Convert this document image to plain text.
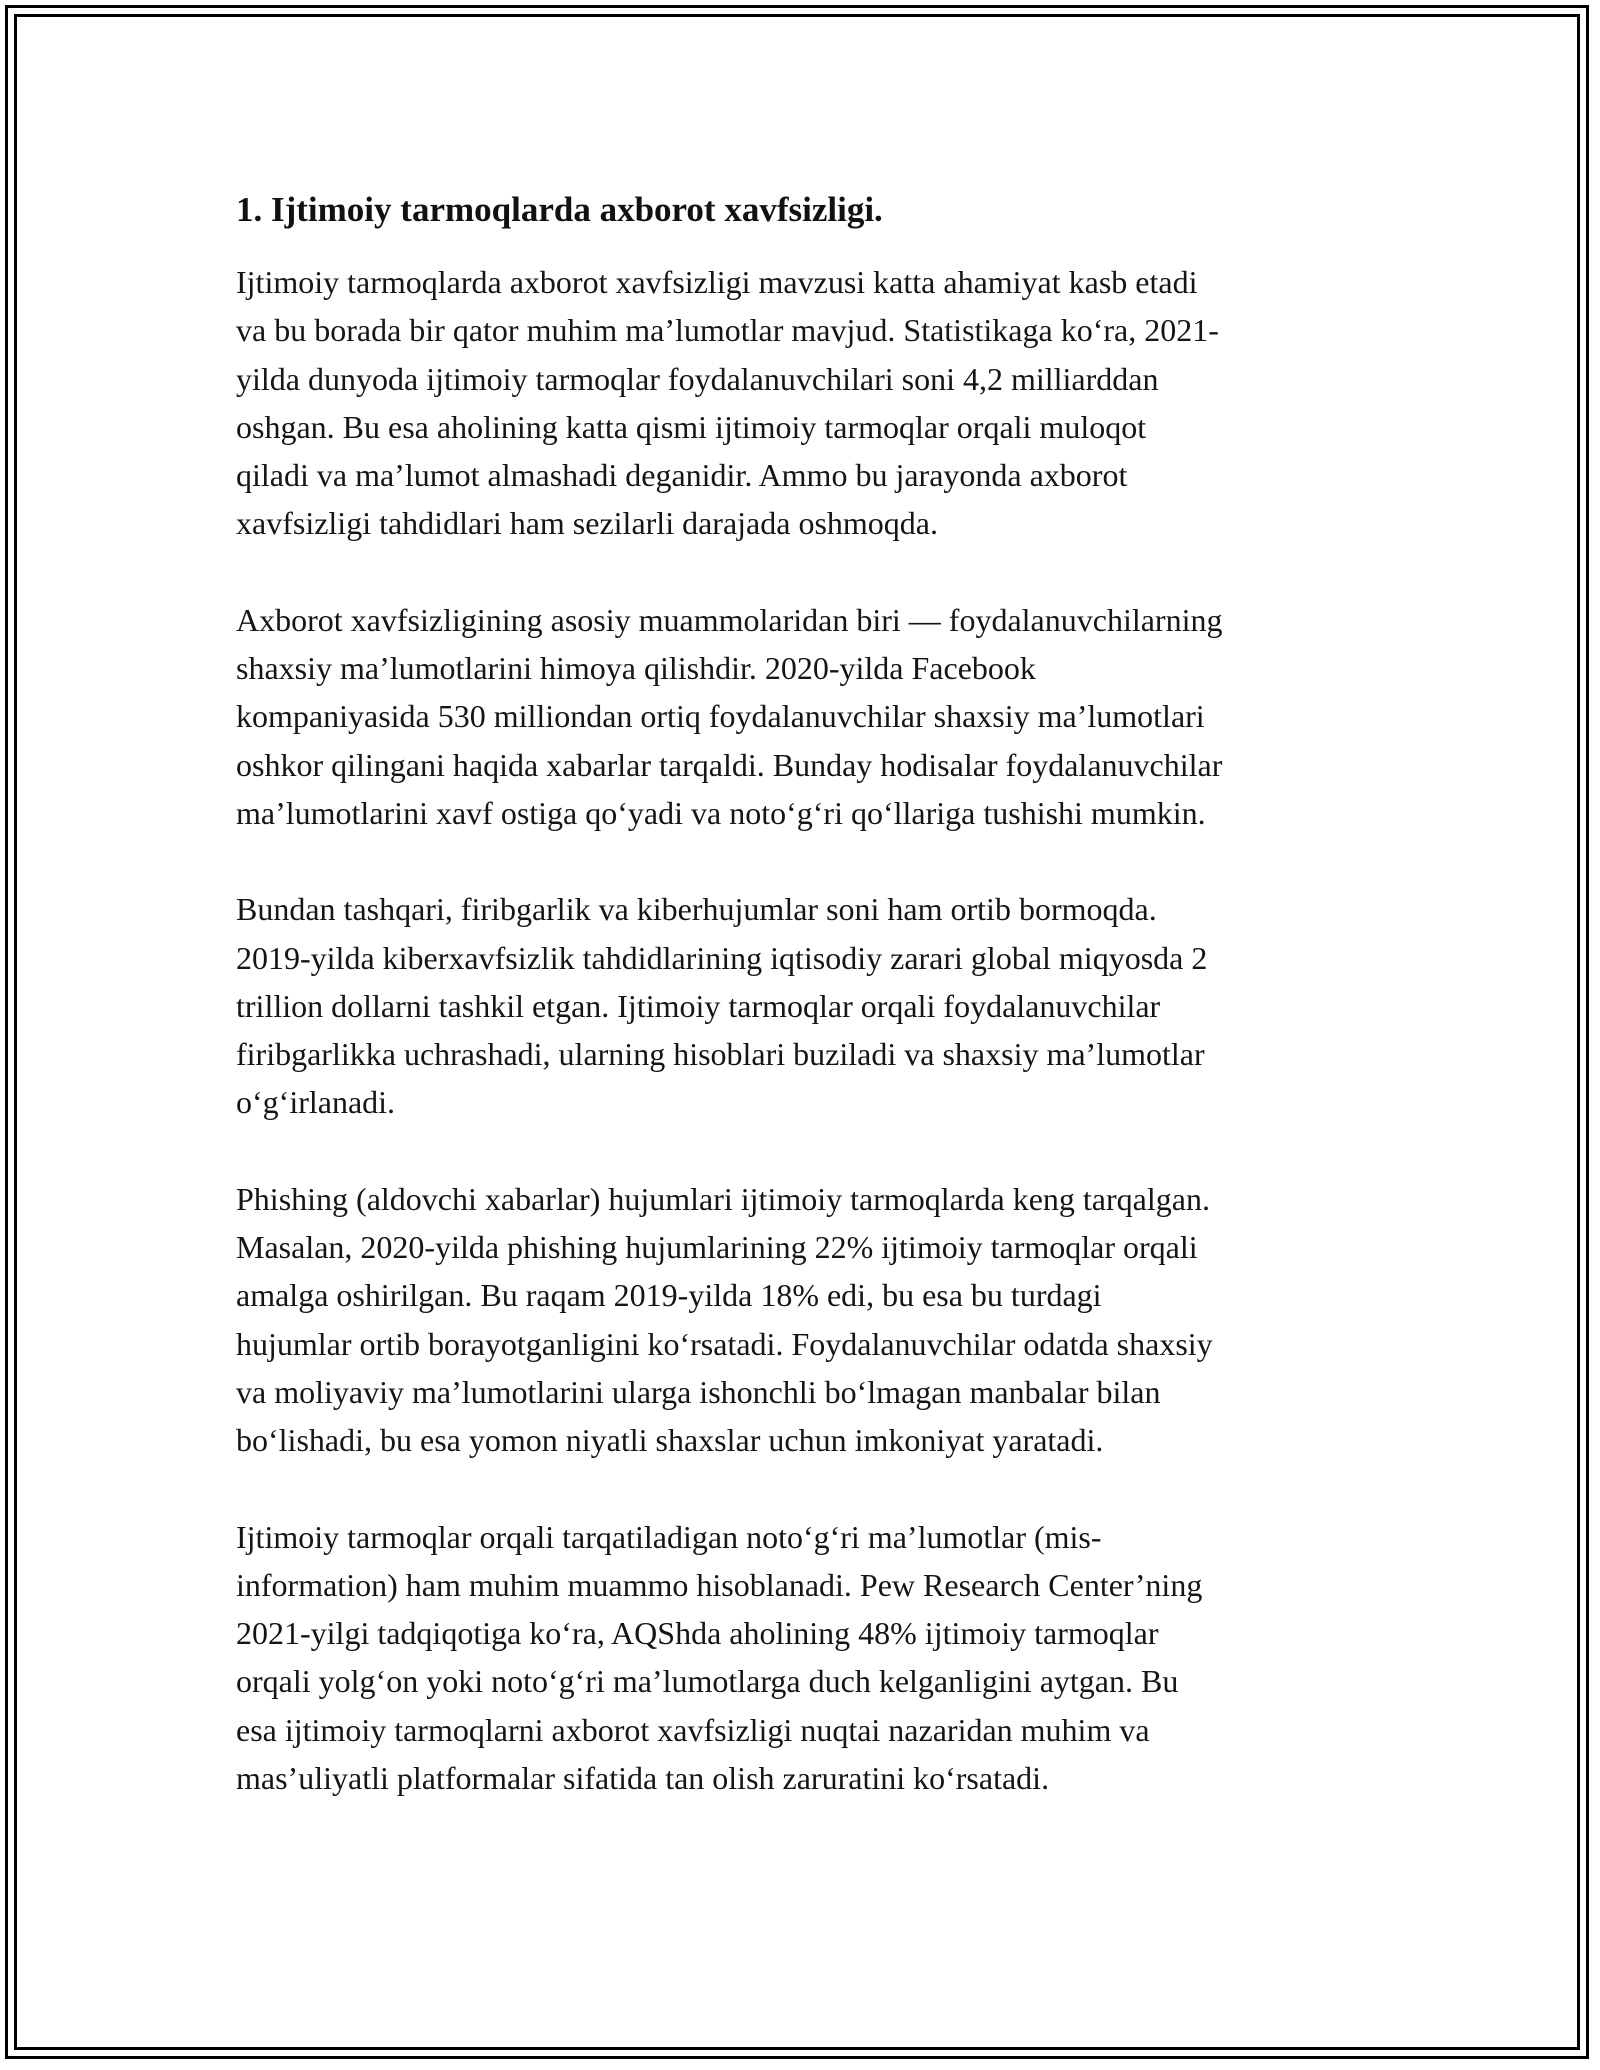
1. Ijtimoiy tarmoqlarda axborot xavfsizligi.

Ijtimoiy tarmoqlarda axborot xavfsizligi mavzusi katta ahamiyat kasb etadi
va bu borada bir qator muhim ma’lumotlar mavjud. Statistikaga ko‘ra, 2021-
yilda dunyoda ijtimoiy tarmoqlar foydalanuvchilari soni 4,2 milliarddan
oshgan. Bu esa aholining katta qismi ijtimoiy tarmoqlar orqali muloqot
qiladi va ma’lumot almashadi deganidir. Ammo bu jarayonda axborot
xavfsizligi tahdidlari ham sezilarli darajada oshmoqda.

Axborot xavfsizligining asosiy muammolaridan biri — foydalanuvchilarning
shaxsiy ma’lumotlarini himoya qilishdir. 2020-yilda Facebook
kompaniyasida 530 milliondan ortiq foydalanuvchilar shaxsiy ma’lumotlari
oshkor qilingani haqida xabarlar tarqaldi. Bunday hodisalar foydalanuvchilar
ma’lumotlarini xavf ostiga qo‘yadi va noto‘g‘ri qo‘llariga tushishi mumkin.

Bundan tashqari, firibgarlik va kiberhujumlar soni ham ortib bormoqda.
2019-yilda kiberxavfsizlik tahdidlarining iqtisodiy zarari global miqyosda 2
trillion dollarni tashkil etgan. Ijtimoiy tarmoqlar orqali foydalanuvchilar
firibgarlikka uchrashadi, ularning hisoblari buziladi va shaxsiy ma’lumotlar
o‘g‘irlanadi.

Phishing (aldovchi xabarlar) hujumlari ijtimoiy tarmoqlarda keng tarqalgan.
Masalan, 2020-yilda phishing hujumlarining 22% ijtimoiy tarmoqlar orqali
amalga oshirilgan. Bu raqam 2019-yilda 18% edi, bu esa bu turdagi
hujumlar ortib borayotganligini ko‘rsatadi. Foydalanuvchilar odatda shaxsiy
va moliyaviy ma’lumotlarini ularga ishonchli bo‘lmagan manbalar bilan
bo‘lishadi, bu esa yomon niyatli shaxslar uchun imkoniyat yaratadi.

Ijtimoiy tarmoqlar orqali tarqatiladigan noto‘g‘ri ma’lumotlar (mis-
information) ham muhim muammo hisoblanadi. Pew Research Center’ning
2021-yilgi tadqiqotiga ko‘ra, AQShda aholining 48% ijtimoiy tarmoqlar
orqali yolg‘on yoki noto‘g‘ri ma’lumotlarga duch kelganligini aytgan. Bu
esa ijtimoiy tarmoqlarni axborot xavfsizligi nuqtai nazaridan muhim va
mas’uliyatli platformalar sifatida tan olish zaruratini ko‘rsatadi.
